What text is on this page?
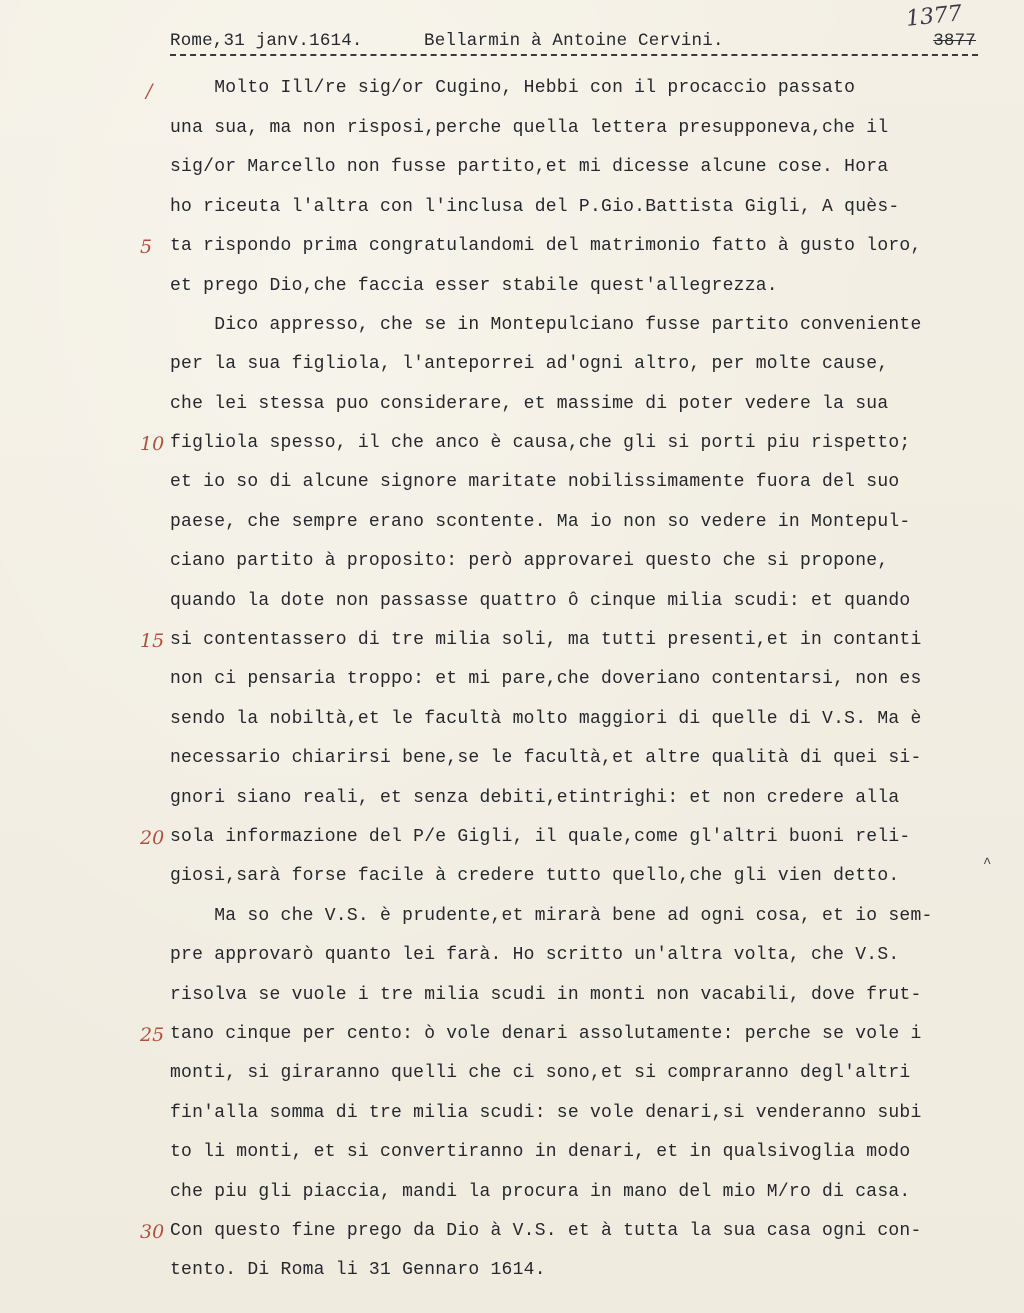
1377
Rome,31 janv.1614.	Bellarmin à Antoine Cervini.	3877
/
5
10
15
20
25
30
Molto Ill/re sig/or Cugino, Hebbi con il procaccio passato
una sua, ma non risposi,perche quella lettera presupponeva,che il
sig/or Marcello non fusse partito,et mi dicesse alcune cose. Hora
ho riceuta l'altra con l'inclusa del P.Gio.Battista Gigli, A quès-
ta rispondo prima congratulandomi del matrimonio fatto à gusto loro,
et prego Dio,che faccia esser stabile quest'allegrezza.
Dico appresso, che se in Montepulciano fusse partito conveniente
per la sua figliola, l'anteporrei ad'ogni altro, per molte cause,
che lei stessa puo considerare, et massime di poter vedere la sua
figliola spesso, il che anco è causa,che gli si porti piu rispetto;
et io so di alcune signore maritate nobilissimamente fuora del suo
paese, che sempre erano scontente. Ma io non so vedere in Montepul-
ciano partito à proposito: però approvarei questo che si propone,
quando la dote non passasse quattro ô cinque milia scudi: et quando
si contentassero di tre milia soli, ma tutti presenti,et in contanti
non ci pensaria troppo: et mi pare,che doveriano contentarsi, non es
sendo la nobiltà,et le facultà molto maggiori di quelle di V.S. Ma è
necessario chiarirsi bene,se le facultà,et altre qualità di quei si-
gnori siano reali, et senza debiti,etintrighi: et non credere alla
sola informazione del P/e Gigli, il quale,come gl'altri buoni reli-
giosi,sarà forse facile à credere tutto quello,che gli vien detto.
Ma so che V.S. è prudente,et mirarà bene ad ogni cosa, et io sem-
pre approvarò quanto lei farà. Ho scritto un'altra volta, che V.S.
risolva se vuole i tre milia scudi in monti non vacabili, dove frut-
tano cinque per cento: ò vole denari assolutamente: perche se vole i
monti, si giraranno quelli che ci sono,et si compraranno degl'altri
fin'alla somma di tre milia scudi: se vole denari,si venderanno subi
to li monti, et si convertiranno in denari, et in qualsivoglia modo
che piu gli piaccia, mandi la procura in mano del mio M/ro di casa.
Con questo fine prego da Dio à V.S. et à tutta la sua casa ogni con-
tento. Di Roma li 31 Gennaro 1614.
^
